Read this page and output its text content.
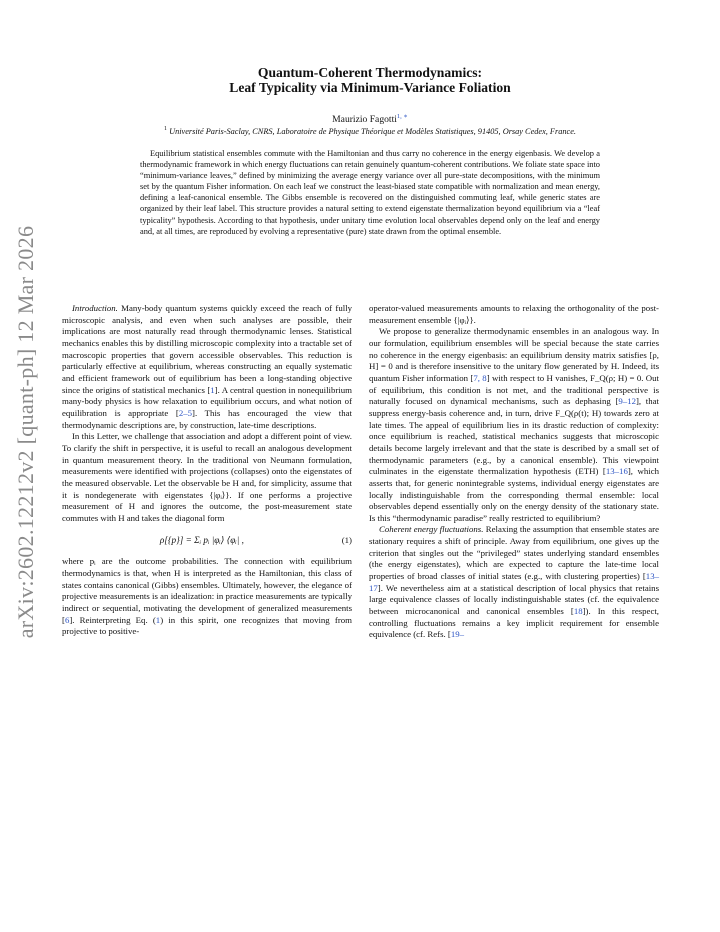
arXiv:2602.12212v2 [quant-ph] 12 Mar 2026
Quantum-Coherent Thermodynamics:
Leaf Typicality via Minimum-Variance Foliation
Maurizio Fagotti$^{1, ∗}$
$^1$ Université Paris-Saclay, CNRS, Laboratoire de Physique Théorique et Modèles Statistiques, 91405, Orsay Cedex, France.
Equilibrium statistical ensembles commute with the Hamiltonian and thus carry no coherence in the energy eigenbasis. We develop a thermodynamic framework in which energy fluctuations can retain genuinely quantum-coherent contributions. We foliate state space into “minimum-variance leaves,” defined by minimizing the average energy variance over all pure-state decompositions, with the minimum set by the quantum Fisher information. On each leaf we construct the least-biased state compatible with normalization and mean energy, defining a leaf-canonical ensemble. The Gibbs ensemble is recovered on the distinguished commuting leaf, while generic states are organized by their leaf label. This structure provides a natural setting to extend eigenstate thermalization beyond equilibrium via a “leaf typicality” hypothesis. According to that hypothesis, under unitary time evolution local observables depend only on the leaf and energy and, at all times, are reproduced by evolving a representative (pure) state drawn from the optimal ensemble.

Introduction. Many-body quantum systems quickly exceed the reach of fully microscopic analysis, and even when such analyses are possible, their implications are most naturally read through thermodynamic lenses. Statistical mechanics enables this by distilling microscopic complexity into a tractable set of macroscopic properties that govern accessible observables. This reduction is particularly effective at equilibrium, whereas constructing an equally systematic and efficient framework out of equilibrium has been a long-standing objective since the origins of statistical mechanics [1]. A central question in nonequilibrium many-body physics is how relaxation to equilibrium occurs, and what notion of equilibration is appropriate [2–5]. This has encouraged the view that thermodynamic descriptions are, by construction, late-time descriptions.

In this Letter, we challenge that association and adopt a different point of view. To clarify the shift in perspective, it is useful to recall an analogous development in quantum measurement theory. In the traditional von Neumann formulation, measurements were identified with projections (collapses) onto the eigenstates of the measured observable. Let the observable be H and, for simplicity, assume that it is nondegenerate with eigenstates {|φᵢ⟩}. If one performs a projective measurement of H and ignores the outcome, the post-measurement state commutes with H and takes the diagonal form

ρ[{p}] = Σᵢ pᵢ |φᵢ⟩ ⟨φᵢ| ,	(1)

where pᵢ are the outcome probabilities. The connection with equilibrium thermodynamics is that, when H is interpreted as the Hamiltonian, this class of states contains canonical (Gibbs) ensembles. Ultimately, however, the elegance of projective measurements is an idealization: in practice measurements are typically indirect or sequential, motivating the development of generalized measurements [6]. Reinterpreting Eq. (1) in this spirit, one recognizes that moving from projective to positive-

operator-valued measurements amounts to relaxing the orthogonality of the post-measurement ensemble {|φᵢ⟩}.

We propose to generalize thermodynamic ensembles in an analogous way. In our formulation, equilibrium ensembles will be special because the state carries no coherence in the energy eigenbasis: an equilibrium density matrix satisfies [ρ, H] = 0 and is therefore insensitive to the unitary flow generated by H. Indeed, its quantum Fisher information [7, 8] with respect to H vanishes, F_Q(ρ; H) = 0. Out of equilibrium, this condition is not met, and the traditional perspective is naturally focused on dynamical mechanisms, such as dephasing [9–12], that suppress energy-basis coherence and, in turn, drive F_Q(ρ(t); H) towards zero at late times. The appeal of equilibrium lies in its drastic reduction of complexity: once equilibrium is reached, statistical mechanics suggests that microscopic details become largely irrelevant and that the state is described by a small set of thermodynamic parameters (e.g., by a canonical ensemble). This viewpoint culminates in the eigenstate thermalization hypothesis (ETH) [13–16], which asserts that, for generic nonintegrable systems, individual energy eigenstates are locally indistinguishable from the corresponding thermal ensemble: local observables depend essentially only on the energy density of the stationary state. Is this “thermodynamic paradise” really restricted to equilibrium?

Coherent energy fluctuations. Relaxing the assumption that ensemble states are stationary requires a shift of principle. Away from equilibrium, one gives up the criterion that singles out the “privileged” states underlying standard ensembles (the energy eigenstates), which are expected to capture the late-time local properties of broad classes of initial states (e.g., with clustering properties) [13–17]. We nevertheless aim at a statistical description of local physics that retains large equivalence classes of locally indistinguishable states (cf. the equivalence between microcanonical and canonical ensembles [18]). In this respect, controlling fluctuations remains a key implicit requirement for ensemble equivalence (cf. Refs. [19–
